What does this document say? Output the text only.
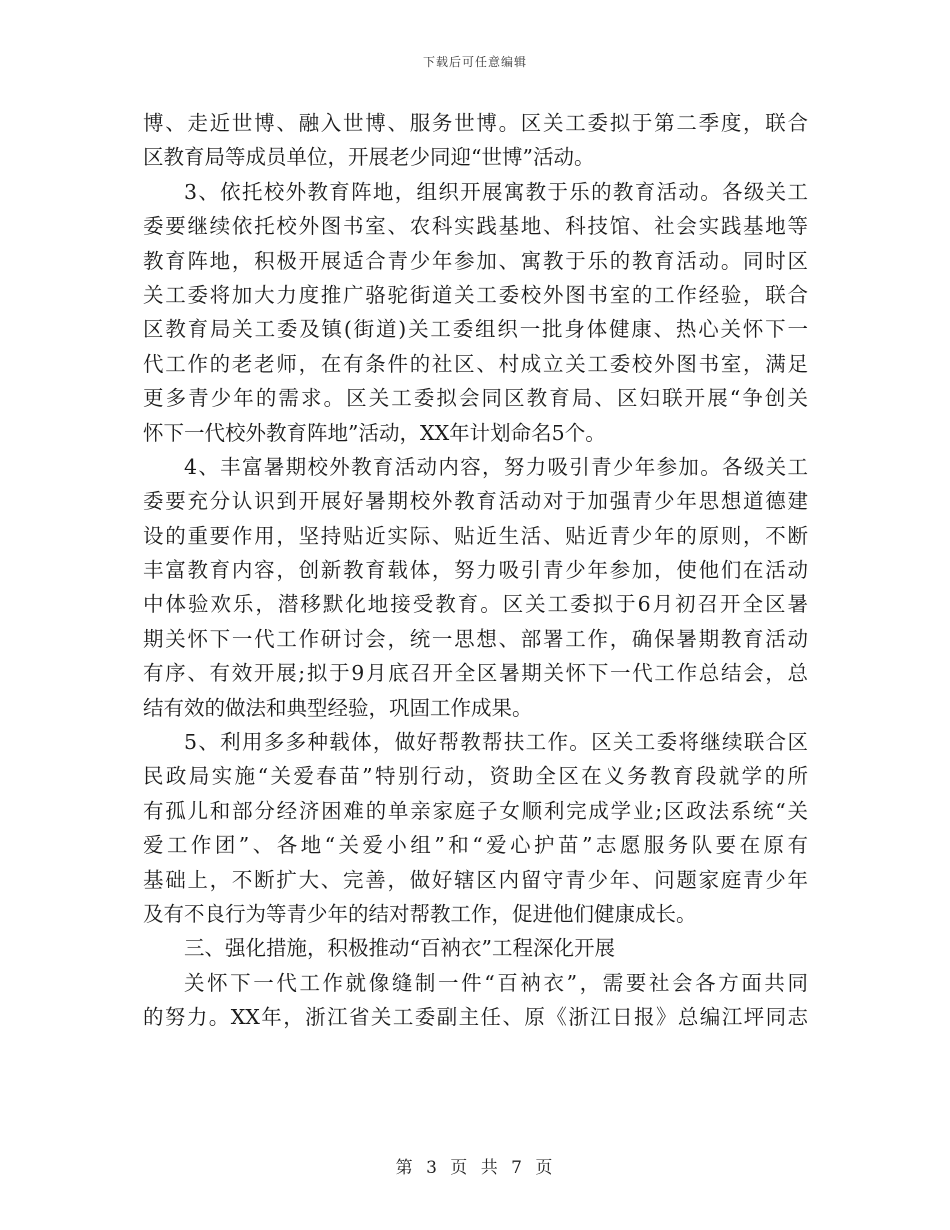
下载后可任意编辑
博、走近世博、融入世博、服务世博。区关工委拟于第二季度，联合
区教育局等成员单位，开展老少同迎“世博”活动。
3、依托校外教育阵地，组织开展寓教于乐的教育活动。各级关工
委要继续依托校外图书室、农科实践基地、科技馆、社会实践基地等
教育阵地，积极开展适合青少年参加、寓教于乐的教育活动。同时区
关工委将加大力度推广骆驼街道关工委校外图书室的工作经验，联合
区教育局关工委及镇(街道)关工委组织一批身体健康、热心关怀下一
代工作的老老师，在有条件的社区、村成立关工委校外图书室，满足
更多青少年的需求。区关工委拟会同区教育局、区妇联开展“争创关
怀下一代校外教育阵地”活动，XX年计划命名5个。
4、丰富暑期校外教育活动内容，努力吸引青少年参加。各级关工
委要充分认识到开展好暑期校外教育活动对于加强青少年思想道德建
设的重要作用，坚持贴近实际、贴近生活、贴近青少年的原则，不断
丰富教育内容，创新教育载体，努力吸引青少年参加，使他们在活动
中体验欢乐，潜移默化地接受教育。区关工委拟于6月初召开全区暑
期关怀下一代工作研讨会，统一思想、部署工作，确保暑期教育活动
有序、有效开展;拟于9月底召开全区暑期关怀下一代工作总结会，总
结有效的做法和典型经验，巩固工作成果。
5、利用多多种载体，做好帮教帮扶工作。区关工委将继续联合区
民政局实施“关爱春苗”特别行动，资助全区在义务教育段就学的所
有孤儿和部分经济困难的单亲家庭子女顺利完成学业;区政法系统“关
爱工作团”、各地“关爱小组”和“爱心护苗”志愿服务队要在原有
基础上，不断扩大、完善，做好辖区内留守青少年、问题家庭青少年
及有不良行为等青少年的结对帮教工作，促进他们健康成长。
三、强化措施，积极推动“百衲衣”工程深化开展
关怀下一代工作就像缝制一件“百衲衣”，需要社会各方面共同
的努力。XX年，浙江省关工委副主任、原《浙江日报》总编江坪同志
第 3 页 共 7 页
